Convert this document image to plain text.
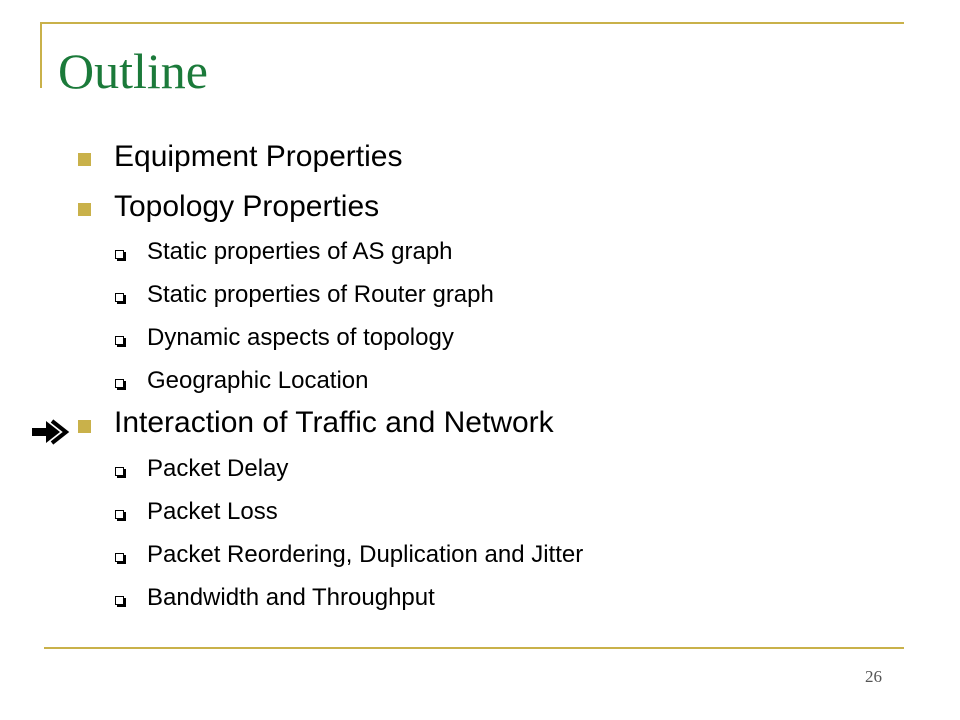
Outline
Equipment Properties
Topology Properties
Static properties of AS graph
Static properties of Router graph
Dynamic aspects of topology
Geographic Location
Interaction of Traffic and Network
Packet Delay
Packet Loss
Packet Reordering, Duplication and Jitter
Bandwidth and Throughput
26
